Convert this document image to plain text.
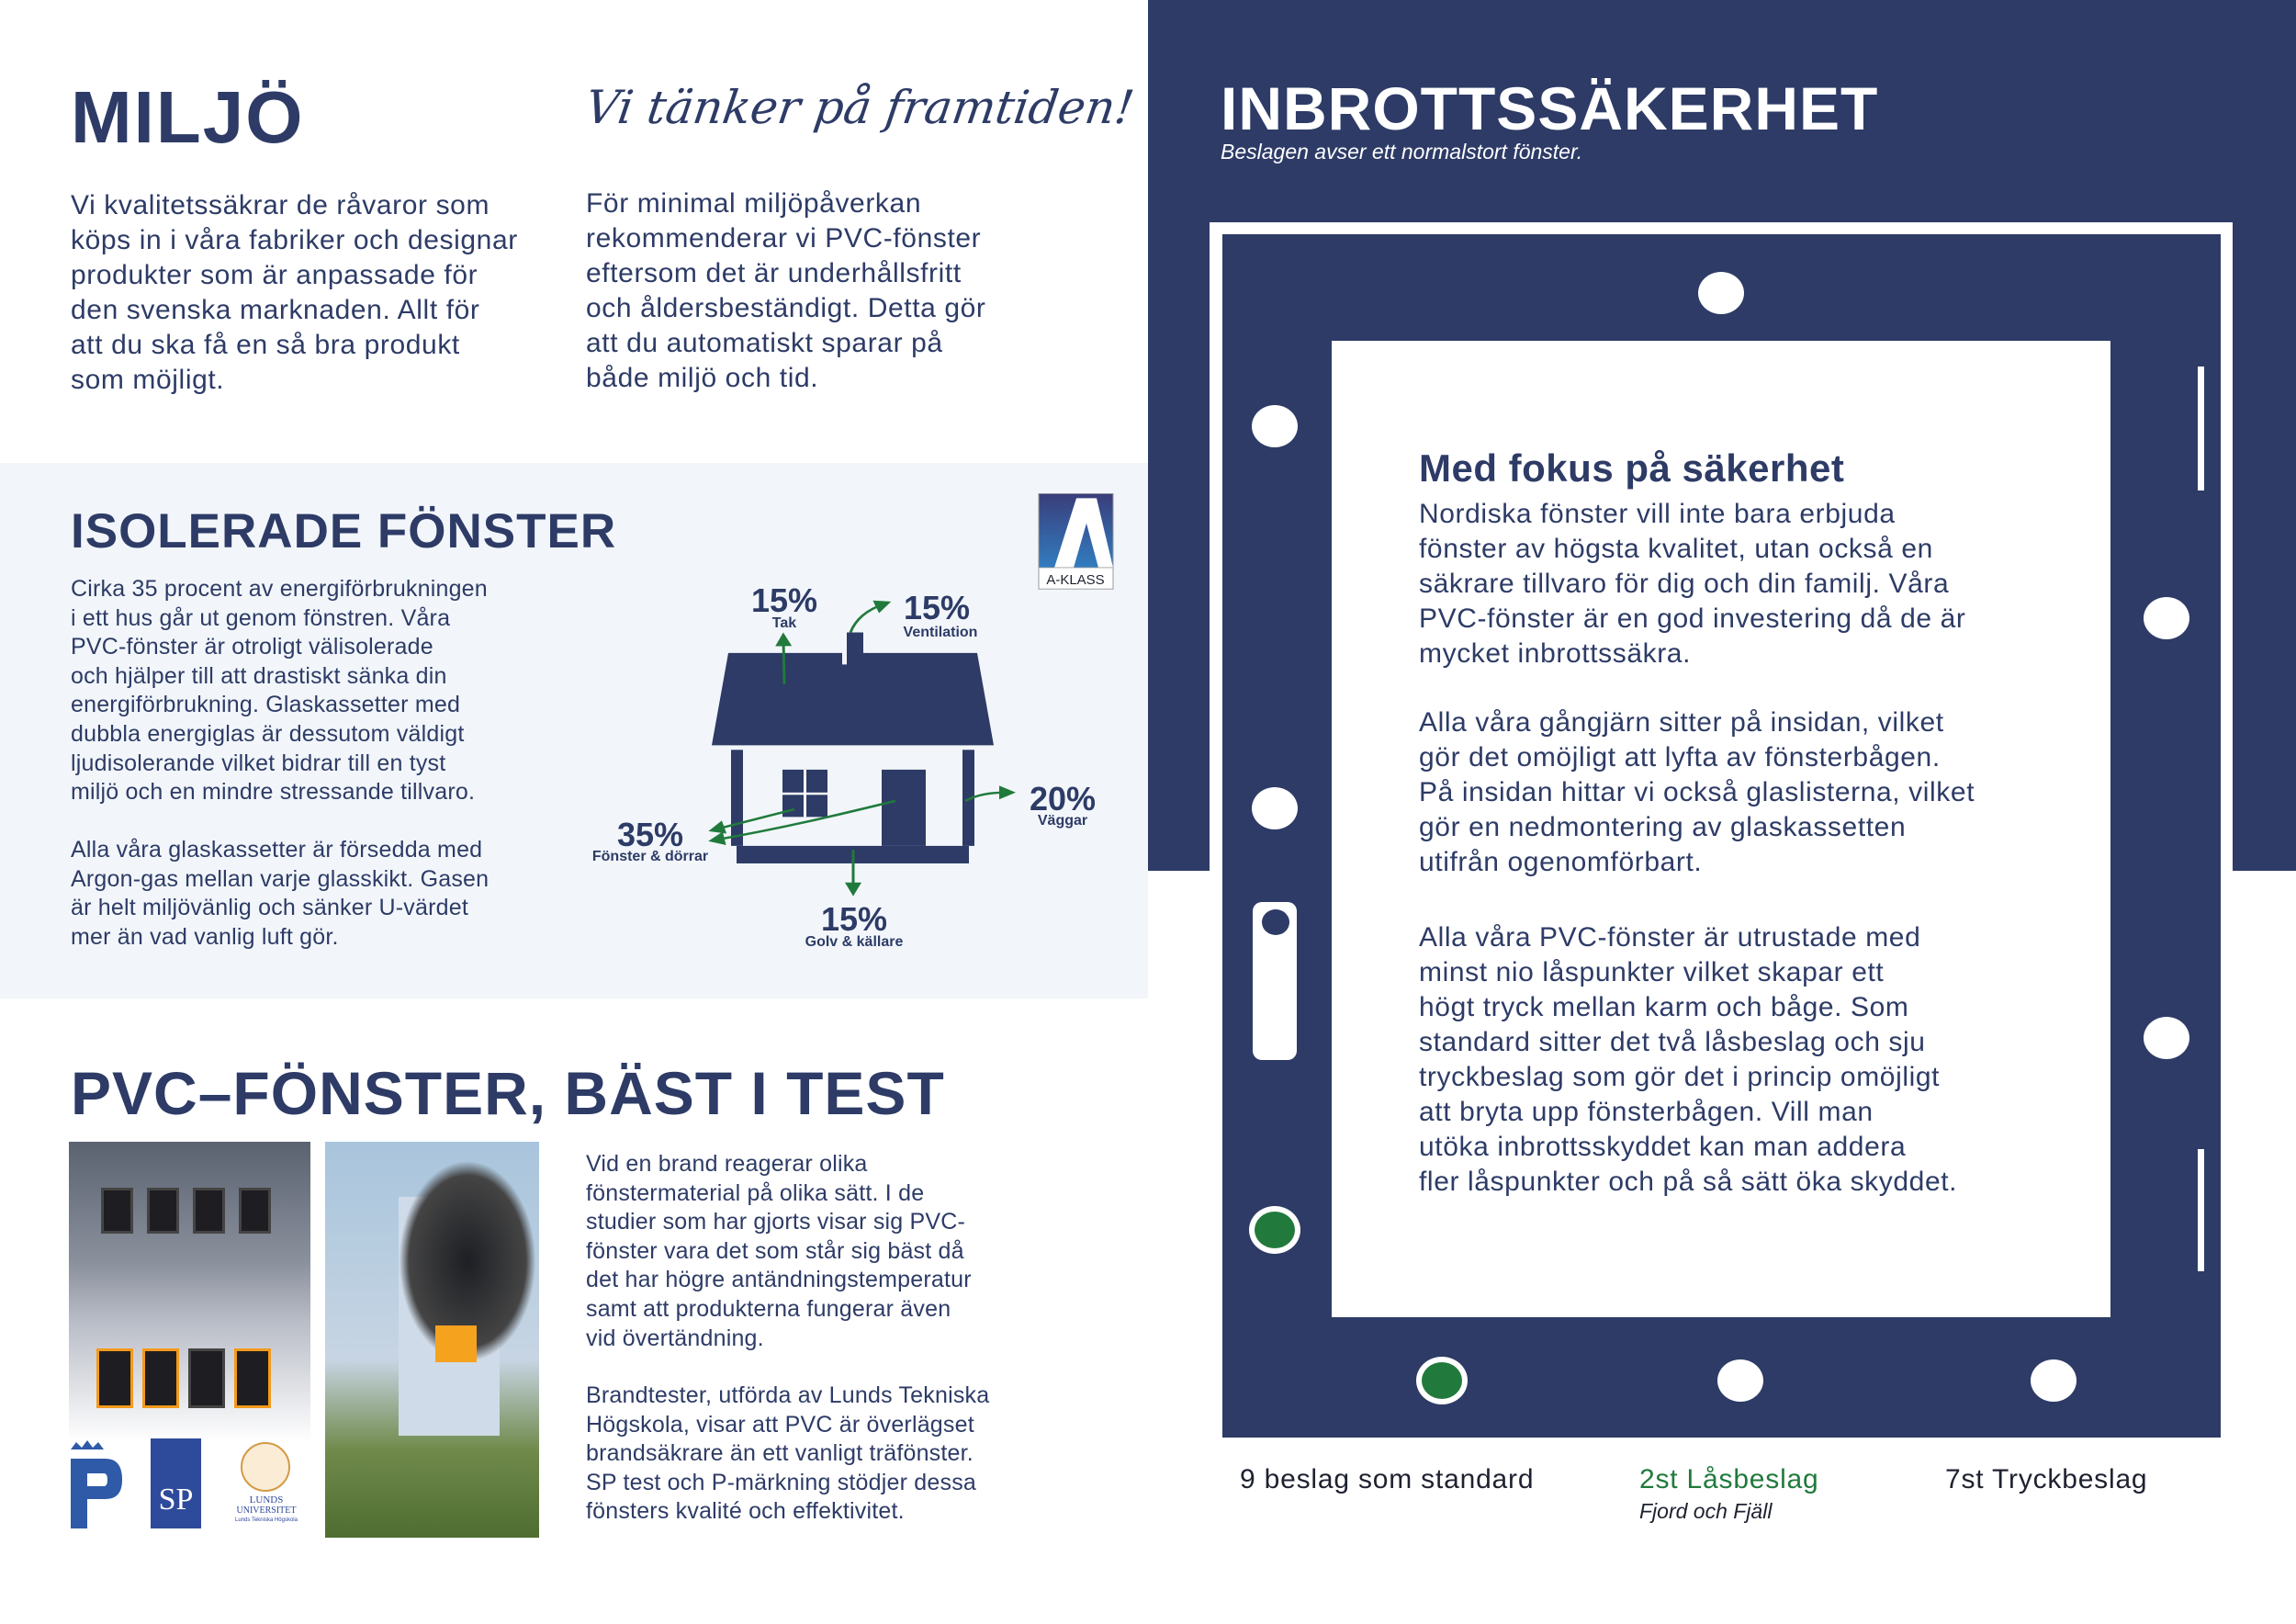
MILJÖ	Vi tänker på framtiden!
Vi kvalitetssäkrar de råvaror som
köps in i våra fabriker och designar
produkter som är anpassade för
den svenska marknaden. Allt för
att du ska få en så bra produkt
som möjligt.
För minimal miljöpåverkan
rekommenderar vi PVC-fönster
eftersom det är underhållsfritt
och åldersbeständigt. Detta gör
att du automatiskt sparar på
både miljö och tid.
ISOLERADE FÖNSTER
Cirka 35 procent av energiförbrukningen
i ett hus går ut genom fönstren. Våra
PVC-fönster är otroligt välisolerade
och hjälper till att drastiskt sänka din
energiförbrukning. Glaskassetter med
dubbla energiglas är dessutom väldigt
ljudisolerande vilket bidrar till en tyst
miljö och en mindre stressande tillvaro.
Alla våra glaskassetter är försedda med
Argon-gas mellan varje glasskikt. Gasen
är helt miljövänlig och sänker U-värdet
mer än vad vanlig luft gör.
A-KLASS
15%
Tak	15%
Ventilation
20%
Väggar
35%
Fönster & dörrar
15%
Golv & källare
PVC–FÖNSTER, BÄST I TEST
SP	LUNDS
UNIVERSITET
Lunds Tekniska Högskola
Vid en brand reagerar olika
fönstermaterial på olika sätt. I de
studier som har gjorts visar sig PVC-
fönster vara det som står sig bäst då
det har högre antändningstemperatur
samt att produkterna fungerar även
vid övertändning.
Brandtester, utförda av Lunds Tekniska
Högskola, visar att PVC är överlägset
brandsäkrare än ett vanligt träfönster.
SP test och P-märkning stödjer dessa
fönsters kvalité och effektivitet.
INBROTTSSÄKERHET
Beslagen avser ett normalstort fönster.
Med fokus på säkerhet
Nordiska fönster vill inte bara erbjuda
fönster av högsta kvalitet, utan också en
säkrare tillvaro för dig och din familj. Våra
PVC-fönster är en god investering då de är
mycket inbrottssäkra.
Alla våra gångjärn sitter på insidan, vilket
gör det omöjligt att lyfta av fönsterbågen.
På insidan hittar vi också glaslisterna, vilket
gör en nedmontering av glaskassetten
utifrån ogenomförbart.
Alla våra PVC-fönster är utrustade med
minst nio låspunkter vilket skapar ett
högt tryck mellan karm och båge. Som
standard sitter det två låsbeslag och sju
tryckbeslag som gör det i princip omöjligt
att bryta upp fönsterbågen. Vill man
utöka inbrottsskyddet kan man addera
fler låspunkter och på så sätt öka skyddet.
9 beslag som standard	2st Låsbeslag
Fjord och Fjäll
7st Tryckbeslag
